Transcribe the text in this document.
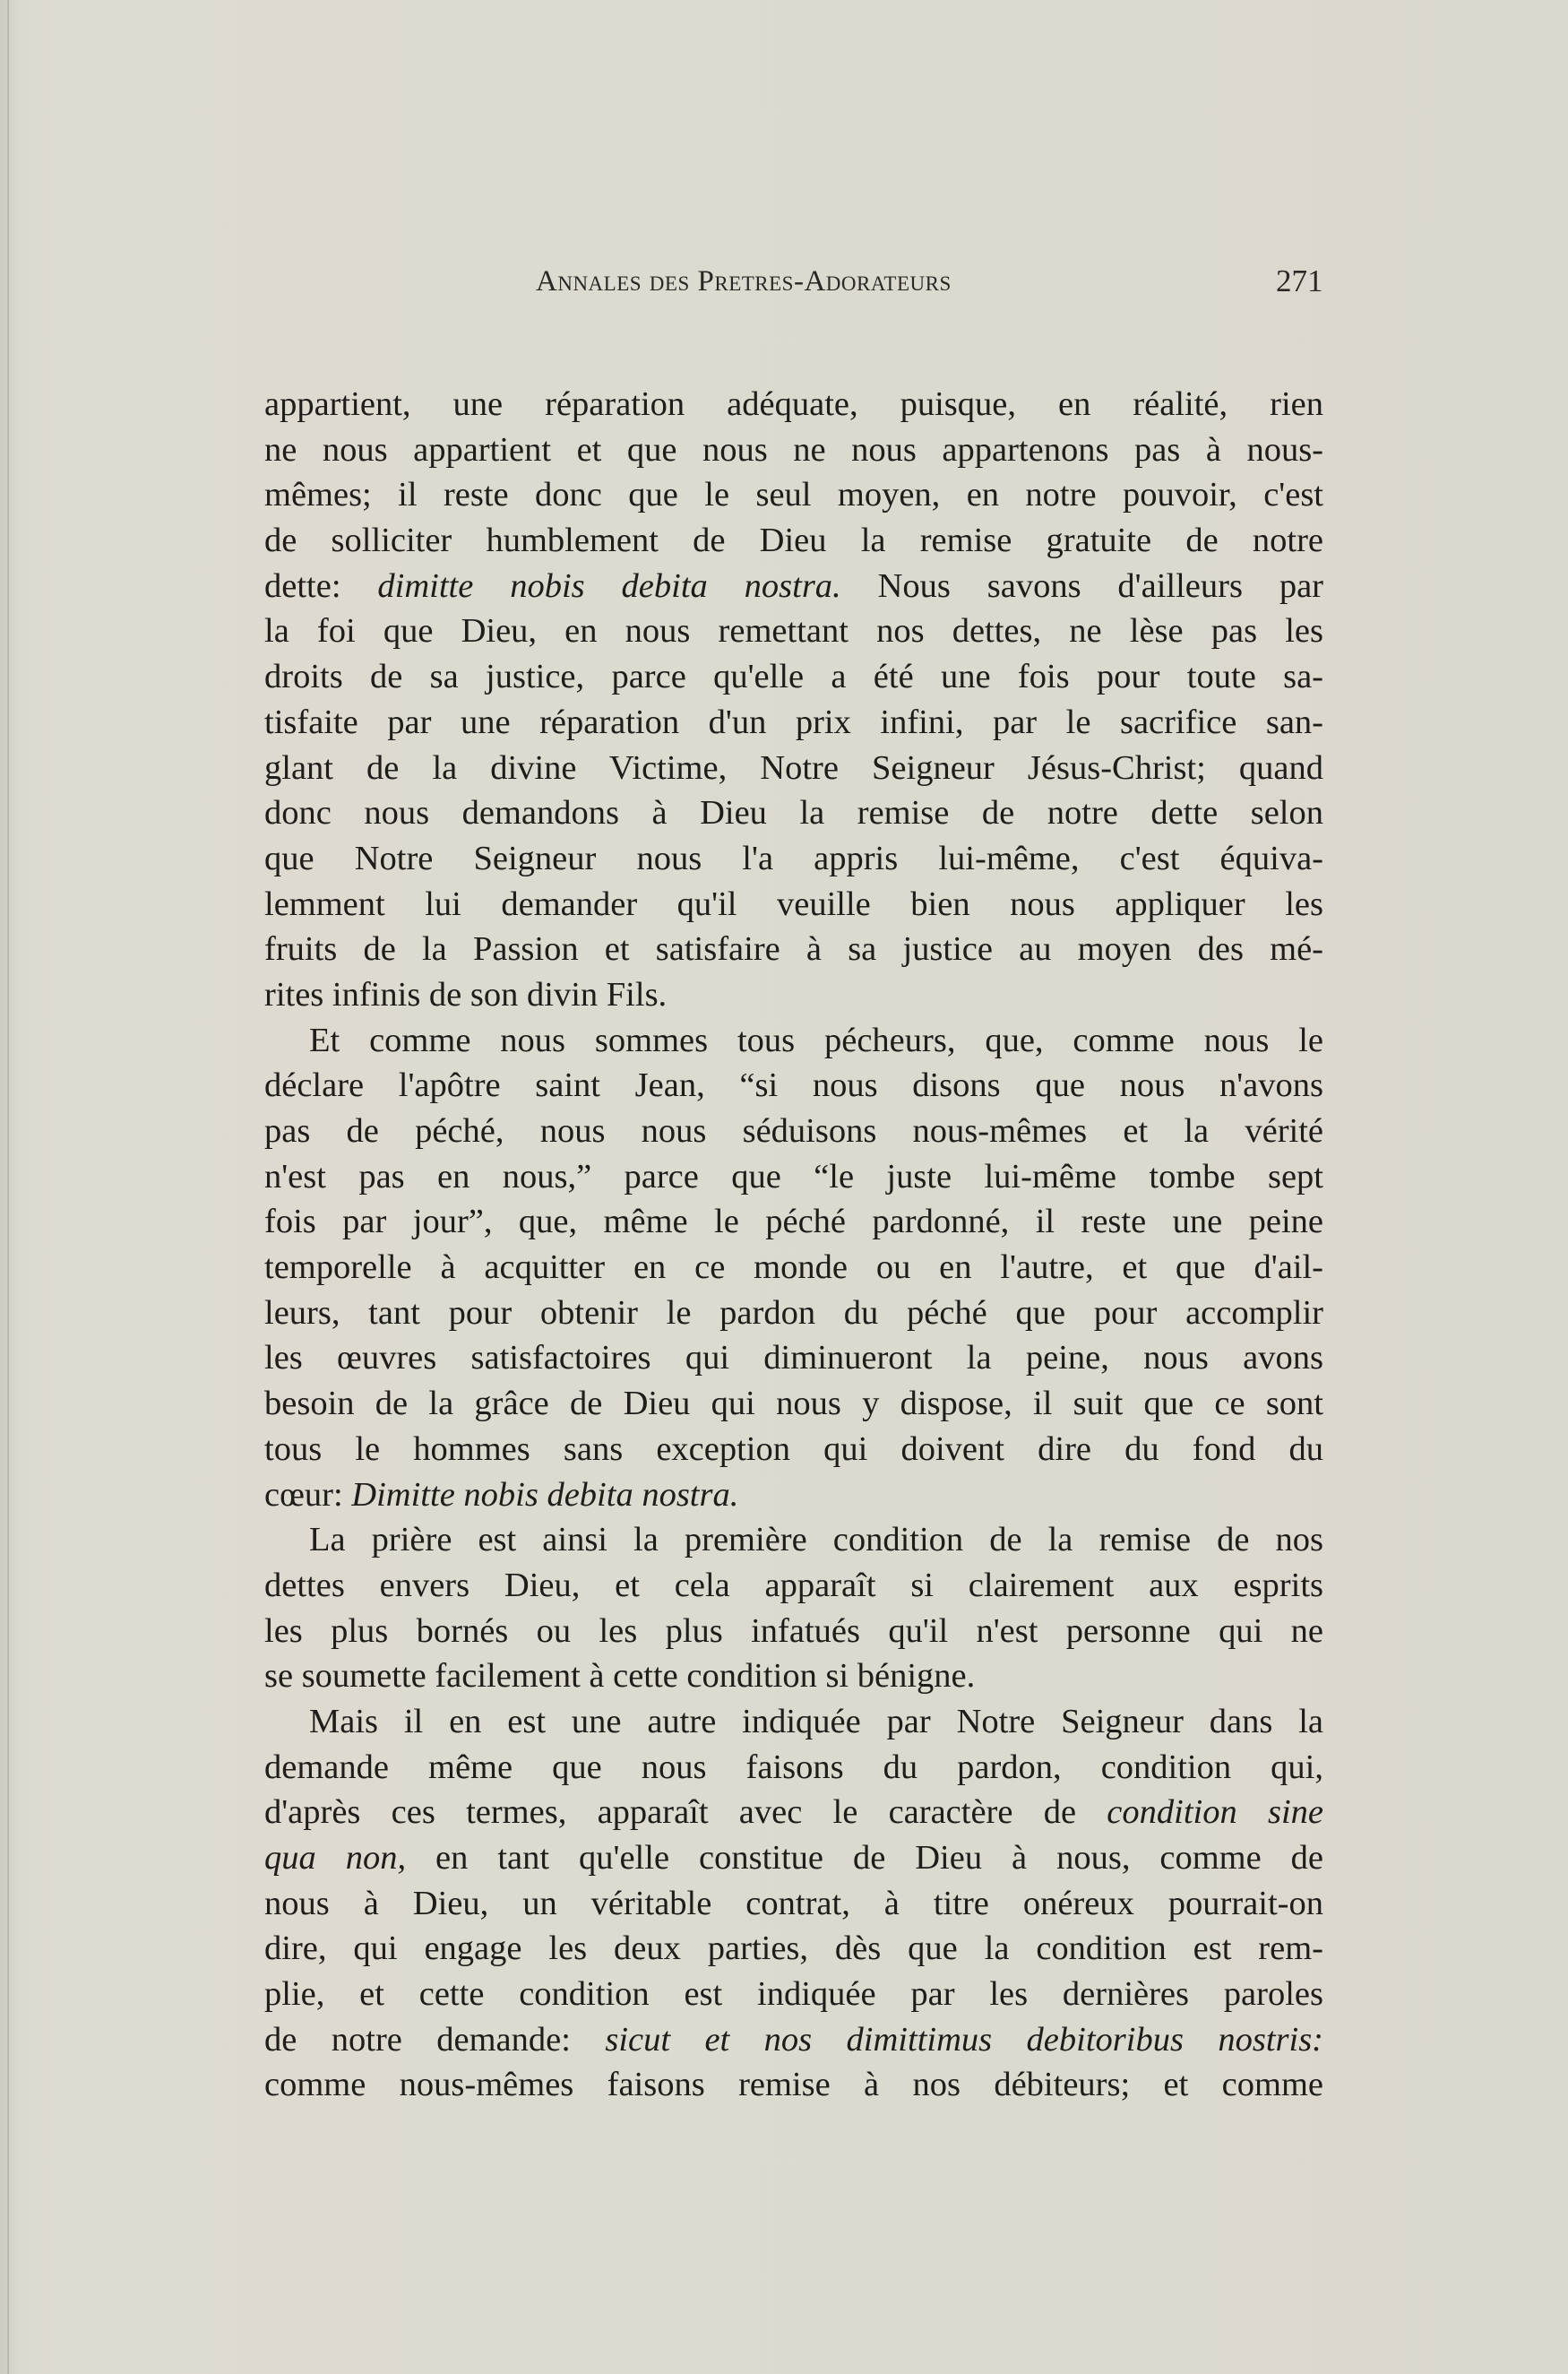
Annales des Pretres-Adorateurs	271
appartient, une réparation adéquate, puisque, en réalité, rien
ne nous appartient et que nous ne nous appartenons pas à nous-
mêmes; il reste donc que le seul moyen, en notre pouvoir, c'est
de solliciter humblement de Dieu la remise gratuite de notre
dette: dimitte nobis debita nostra. Nous savons d'ailleurs par
la foi que Dieu, en nous remettant nos dettes, ne lèse pas les
droits de sa justice, parce qu'elle a été une fois pour toute sa-
tisfaite par une réparation d'un prix infini, par le sacrifice san-
glant de la divine Victime, Notre Seigneur Jésus-Christ; quand
donc nous demandons à Dieu la remise de notre dette selon
que Notre Seigneur nous l'a appris lui-même, c'est équiva-
lemment lui demander qu'il veuille bien nous appliquer les
fruits de la Passion et satisfaire à sa justice au moyen des mé-
rites infinis de son divin Fils.
Et comme nous sommes tous pécheurs, que, comme nous le
déclare l'apôtre saint Jean, “si nous disons que nous n'avons
pas de péché, nous nous séduisons nous-mêmes et la vérité
n'est pas en nous,” parce que “le juste lui-même tombe sept
fois par jour”, que, même le péché pardonné, il reste une peine
temporelle à acquitter en ce monde ou en l'autre, et que d'ail-
leurs, tant pour obtenir le pardon du péché que pour accomplir
les œuvres satisfactoires qui diminueront la peine, nous avons
besoin de la grâce de Dieu qui nous y dispose, il suit que ce sont
tous le hommes sans exception qui doivent dire du fond du
cœur: Dimitte nobis debita nostra.
La prière est ainsi la première condition de la remise de nos
dettes envers Dieu, et cela apparaît si clairement aux esprits
les plus bornés ou les plus infatués qu'il n'est personne qui ne
se soumette facilement à cette condition si bénigne.
Mais il en est une autre indiquée par Notre Seigneur dans la
demande même que nous faisons du pardon, condition qui,
d'après ces termes, apparaît avec le caractère de condition sine
qua non, en tant qu'elle constitue de Dieu à nous, comme de
nous à Dieu, un véritable contrat, à titre onéreux pourrait-on
dire, qui engage les deux parties, dès que la condition est rem-
plie, et cette condition est indiquée par les dernières paroles
de notre demande: sicut et nos dimittimus debitoribus nostris:
comme nous-mêmes faisons remise à nos débiteurs; et comme
